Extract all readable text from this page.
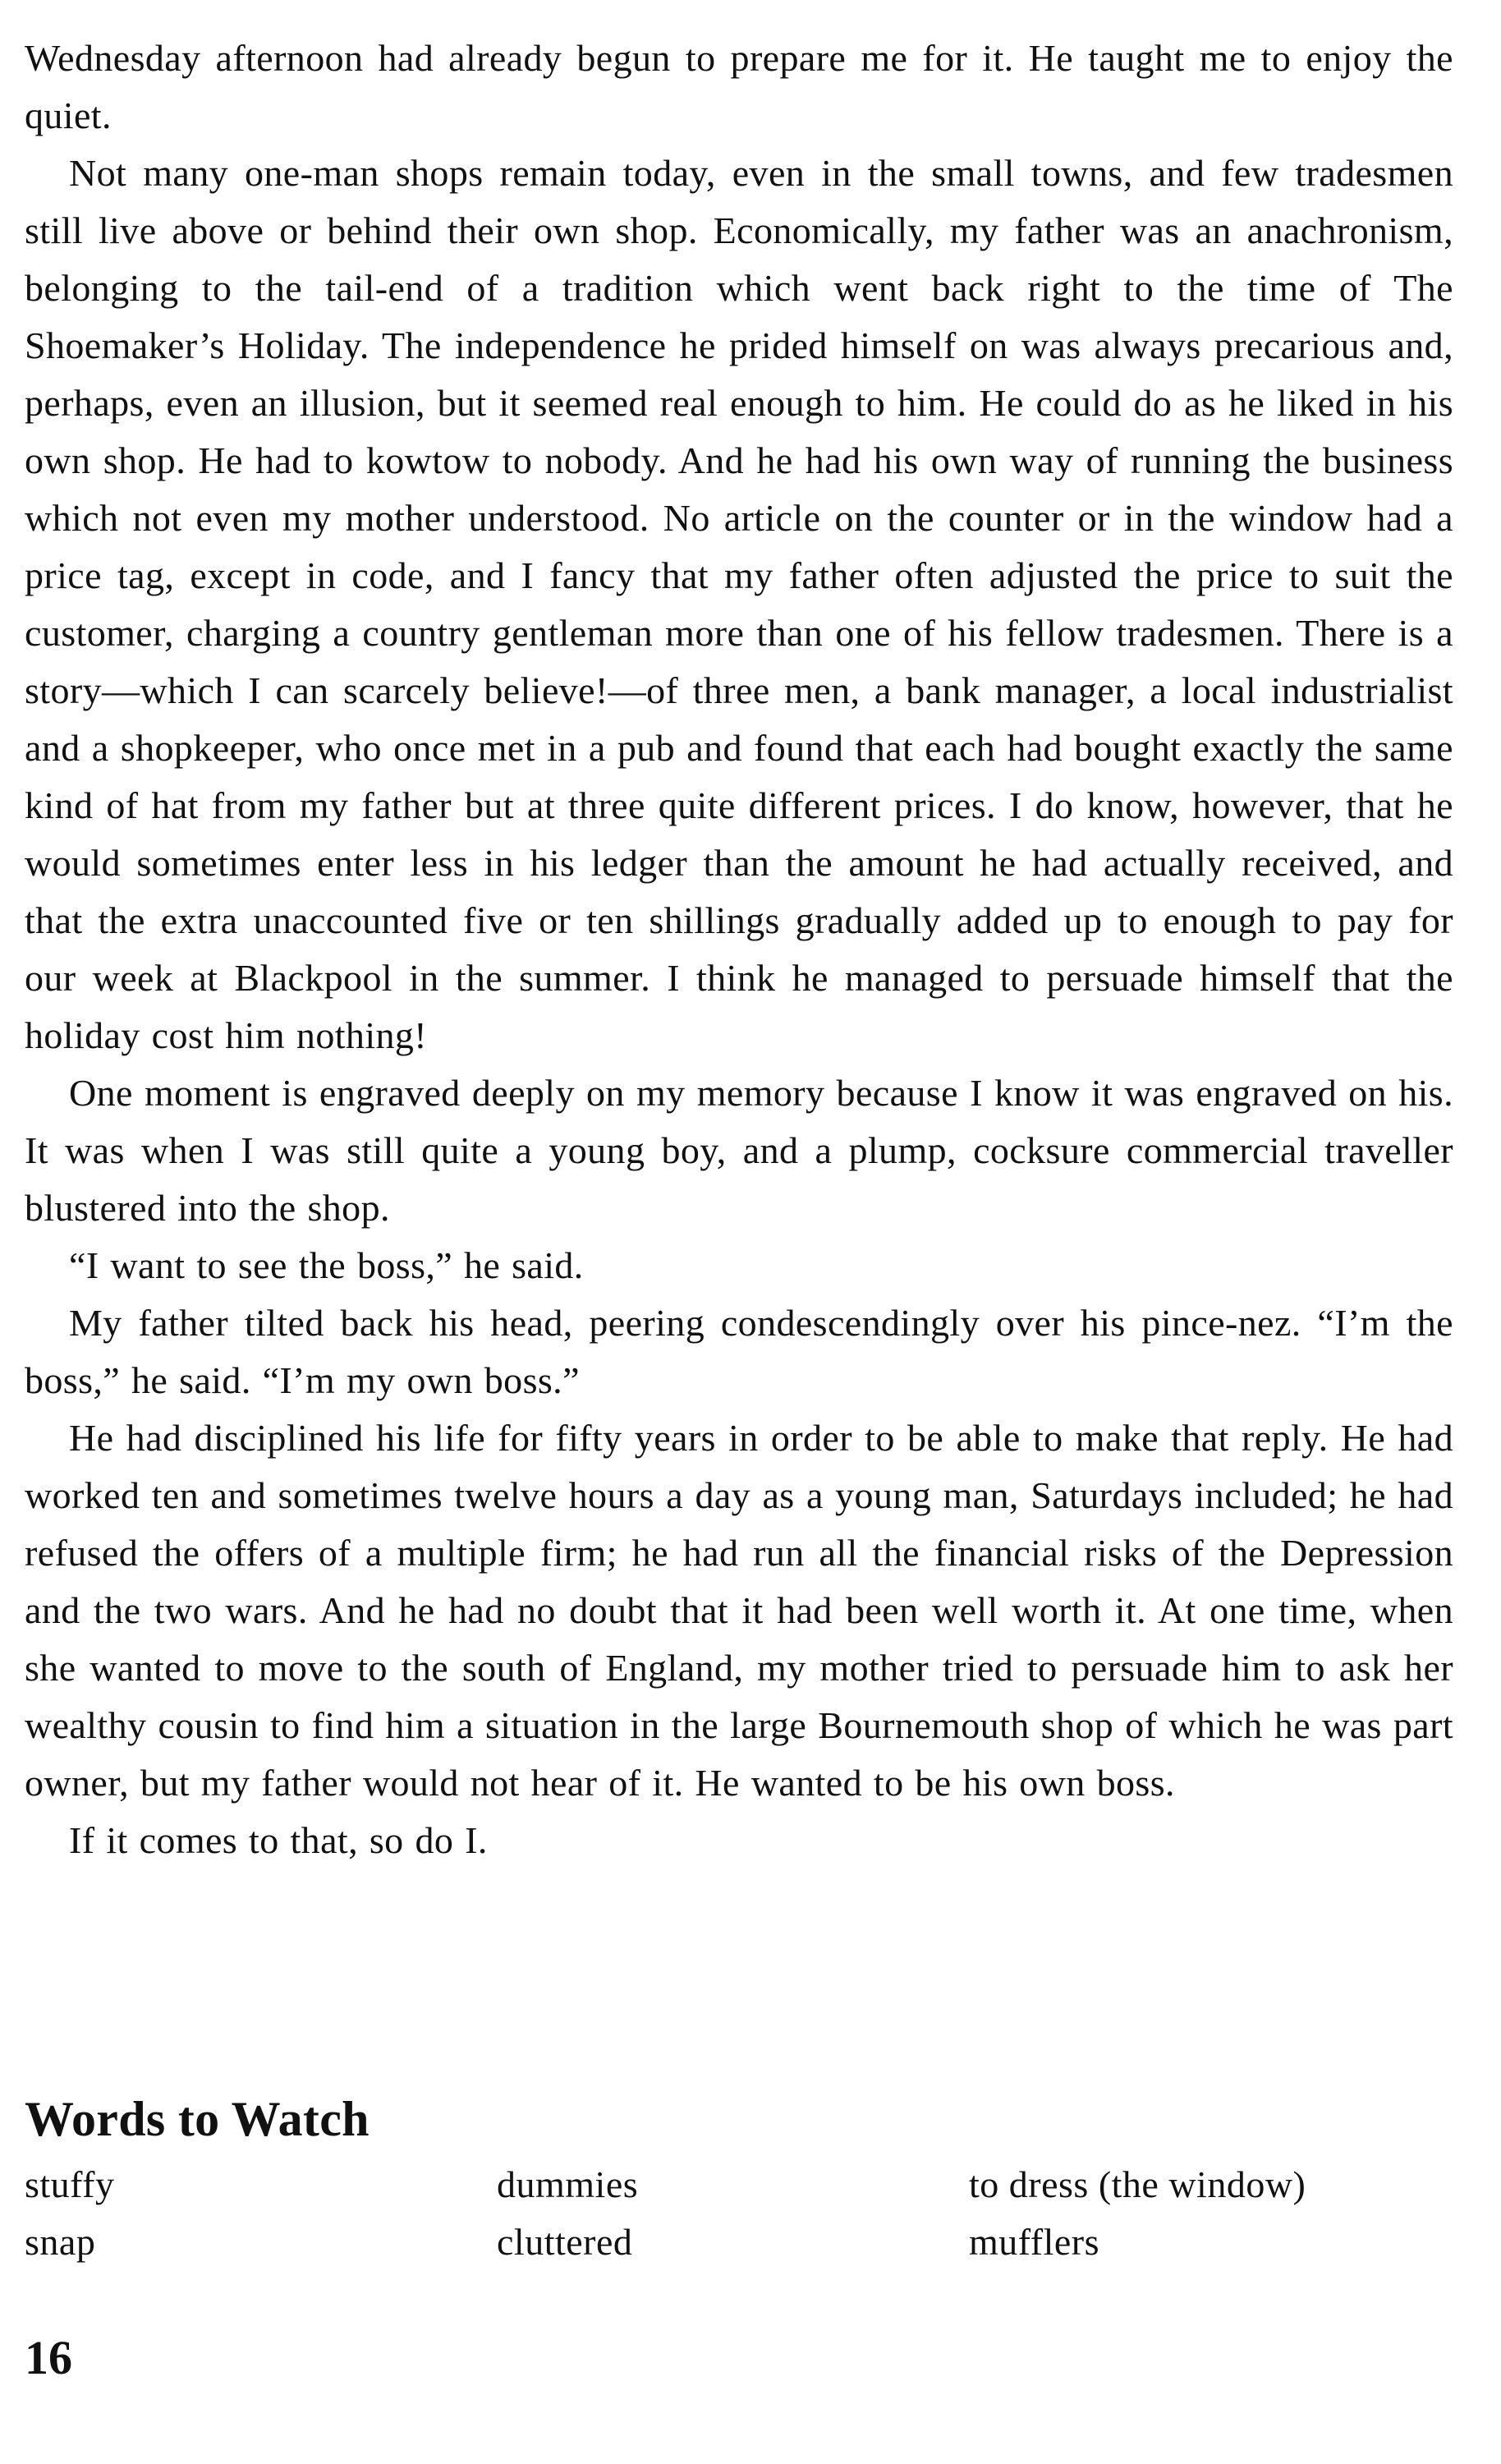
Wednesday afternoon had already begun to prepare me for it. He taught me to enjoy the quiet.

Not many one-man shops remain today, even in the small towns, and few tradesmen still live above or behind their own shop. Economically, my father was an anachronism, belonging to the tail-end of a tradition which went back right to the time of The Shoemaker’s Holiday. The independence he prided himself on was always precarious and, perhaps, even an illusion, but it seemed real enough to him. He could do as he liked in his own shop. He had to kowtow to nobody. And he had his own way of running the business which not even my mother understood. No article on the counter or in the window had a price tag, except in code, and I fancy that my father often adjusted the price to suit the customer, charging a country gentleman more than one of his fellow tradesmen. There is a story—which I can scarcely believe!—of three men, a bank manager, a local industrialist and a shopkeeper, who once met in a pub and found that each had bought exactly the same kind of hat from my father but at three quite different prices. I do know, however, that he would sometimes enter less in his ledger than the amount he had actually received, and that the extra unaccounted five or ten shillings gradually added up to enough to pay for our week at Blackpool in the summer. I think he managed to persuade himself that the holiday cost him nothing!

One moment is engraved deeply on my memory because I know it was engraved on his. It was when I was still quite a young boy, and a plump, cocksure commercial traveller blustered into the shop.

“I want to see the boss,” he said.

My father tilted back his head, peering condescendingly over his pince-nez. “I’m the boss,” he said. “I’m my own boss.”

He had disciplined his life for fifty years in order to be able to make that reply. He had worked ten and sometimes twelve hours a day as a young man, Saturdays included; he had refused the offers of a multiple firm; he had run all the financial risks of the Depression and the two wars. And he had no doubt that it had been well worth it. At one time, when she wanted to move to the south of England, my mother tried to persuade him to ask her wealthy cousin to find him a situation in the large Bournemouth shop of which he was part owner, but my father would not hear of it. He wanted to be his own boss.

If it comes to that, so do I.

Words to Watch
stuffy	dummies	to dress (the window)
snap	cluttered	mufflers
16
